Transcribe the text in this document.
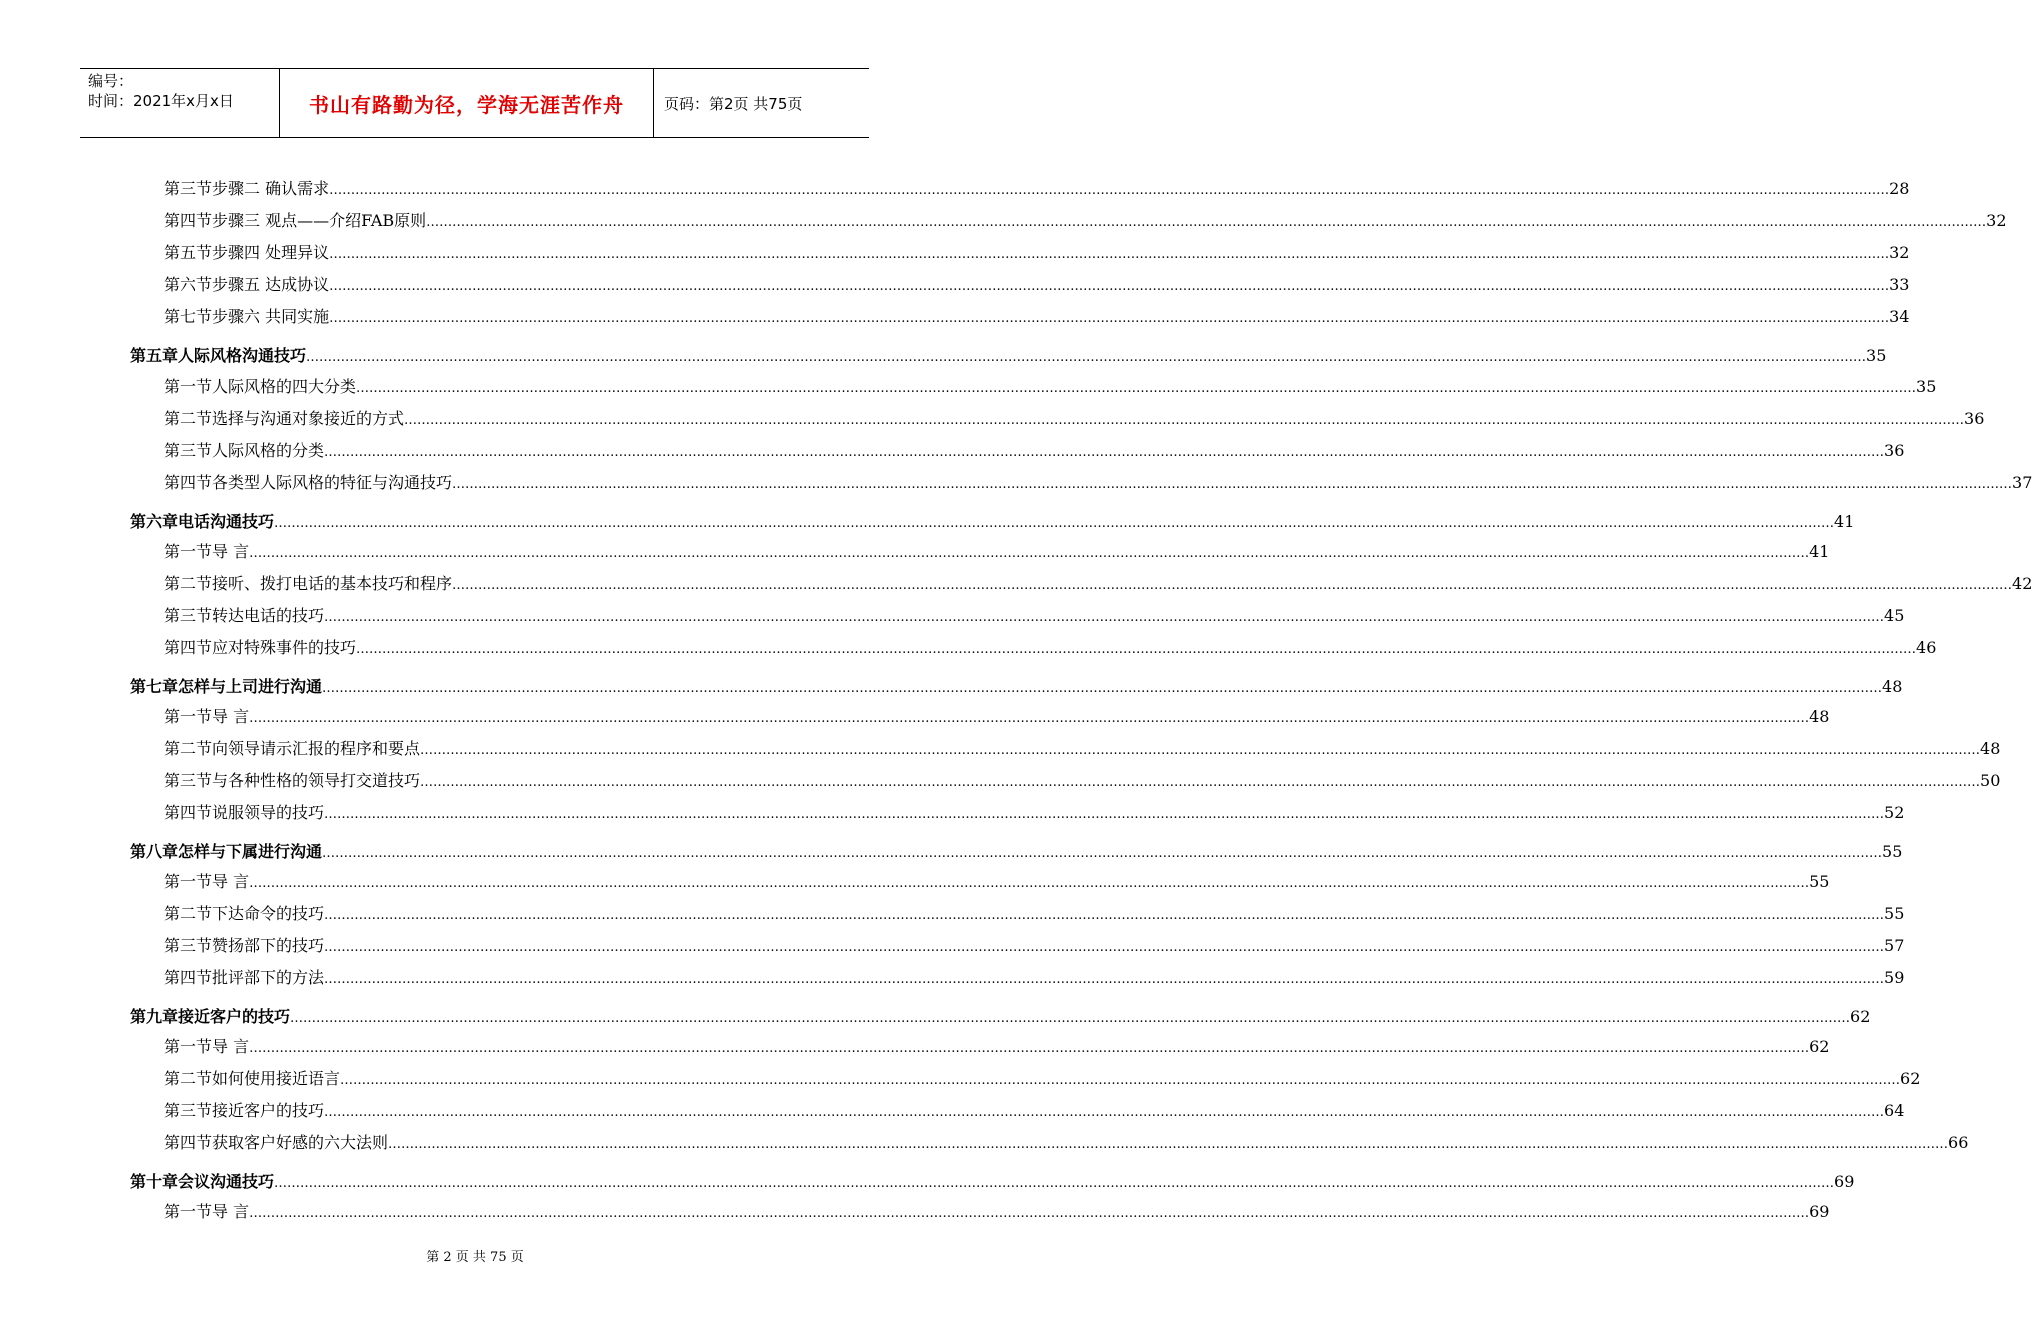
编号：
时间：2021年x月x日	书山有路勤为径，学海无涯苦作舟	页码：第2页 共75页
第三节 步骤二 确认需求 ……………………………………………………………………………………………………………………………………………………………………………………………………………………………………………………………………………………………………………………………… 28
第四节 步骤三 观点——介绍FAB原则 ……………………………………………………………………………………………………………………………………………………………………………………………………………………………………………………………………………………………………………………………… 32
第五节 步骤四 处理异议 ……………………………………………………………………………………………………………………………………………………………………………………………………………………………………………………………………………………………………………………………… 32
第六节 步骤五 达成协议 ……………………………………………………………………………………………………………………………………………………………………………………………………………………………………………………………………………………………………………………………… 33
第七节 步骤六 共同实施 ……………………………………………………………………………………………………………………………………………………………………………………………………………………………………………………………………………………………………………………………… 34
第五章 人际风格沟通技巧 ……………………………………………………………………………………………………………………………………………………………………………………………………………………………………………………………………………………………………………………………… 35
第一节 人际风格的四大分类 ……………………………………………………………………………………………………………………………………………………………………………………………………………………………………………………………………………………………………………………………… 35
第二节 选择与沟通对象接近的方式 ……………………………………………………………………………………………………………………………………………………………………………………………………………………………………………………………………………………………………………………………… 36
第三节 人际风格的分类 ……………………………………………………………………………………………………………………………………………………………………………………………………………………………………………………………………………………………………………………………… 36
第四节 各类型人际风格的特征与沟通技巧 ……………………………………………………………………………………………………………………………………………………………………………………………………………………………………………………………………………………………………………………………… 37
第六章 电话沟通技巧 ……………………………………………………………………………………………………………………………………………………………………………………………………………………………………………………………………………………………………………………………… 41
第一节 导 言 ……………………………………………………………………………………………………………………………………………………………………………………………………………………………………………………………………………………………………………………………… 41
第二节 接听、拨打电话的基本技巧和程序 ……………………………………………………………………………………………………………………………………………………………………………………………………………………………………………………………………………………………………………………………… 42
第三节 转达电话的技巧 ……………………………………………………………………………………………………………………………………………………………………………………………………………………………………………………………………………………………………………………………… 45
第四节 应对特殊事件的技巧 ……………………………………………………………………………………………………………………………………………………………………………………………………………………………………………………………………………………………………………………………… 46
第七章 怎样与上司进行沟通 ……………………………………………………………………………………………………………………………………………………………………………………………………………………………………………………………………………………………………………………………… 48
第一节 导 言 ……………………………………………………………………………………………………………………………………………………………………………………………………………………………………………………………………………………………………………………………… 48
第二节 向领导请示汇报的程序和要点 ……………………………………………………………………………………………………………………………………………………………………………………………………………………………………………………………………………………………………………………………… 48
第三节 与各种性格的领导打交道技巧 ……………………………………………………………………………………………………………………………………………………………………………………………………………………………………………………………………………………………………………………………… 50
第四节 说服领导的技巧 ……………………………………………………………………………………………………………………………………………………………………………………………………………………………………………………………………………………………………………………………… 52
第八章 怎样与下属进行沟通 ……………………………………………………………………………………………………………………………………………………………………………………………………………………………………………………………………………………………………………………………… 55
第一节 导 言 ……………………………………………………………………………………………………………………………………………………………………………………………………………………………………………………………………………………………………………………………… 55
第二节 下达命令的技巧 ……………………………………………………………………………………………………………………………………………………………………………………………………………………………………………………………………………………………………………………………… 55
第三节 赞扬部下的技巧 ……………………………………………………………………………………………………………………………………………………………………………………………………………………………………………………………………………………………………………………………… 57
第四节 批评部下的方法 ……………………………………………………………………………………………………………………………………………………………………………………………………………………………………………………………………………………………………………………………… 59
第九章 接近客户的技巧 ……………………………………………………………………………………………………………………………………………………………………………………………………………………………………………………………………………………………………………………………… 62
第一节 导 言 ……………………………………………………………………………………………………………………………………………………………………………………………………………………………………………………………………………………………………………………………… 62
第二节 如何使用接近语言 ……………………………………………………………………………………………………………………………………………………………………………………………………………………………………………………………………………………………………………………………… 62
第三节 接近客户的技巧 ……………………………………………………………………………………………………………………………………………………………………………………………………………………………………………………………………………………………………………………………… 64
第四节 获取客户好感的六大法则 ……………………………………………………………………………………………………………………………………………………………………………………………………………………………………………………………………………………………………………………………… 66
第十章 会议沟通技巧 ……………………………………………………………………………………………………………………………………………………………………………………………………………………………………………………………………………………………………………………………… 69
第一节 导 言 ……………………………………………………………………………………………………………………………………………………………………………………………………………………………………………………………………………………………………………………………… 69
第 2 页 共 75 页
